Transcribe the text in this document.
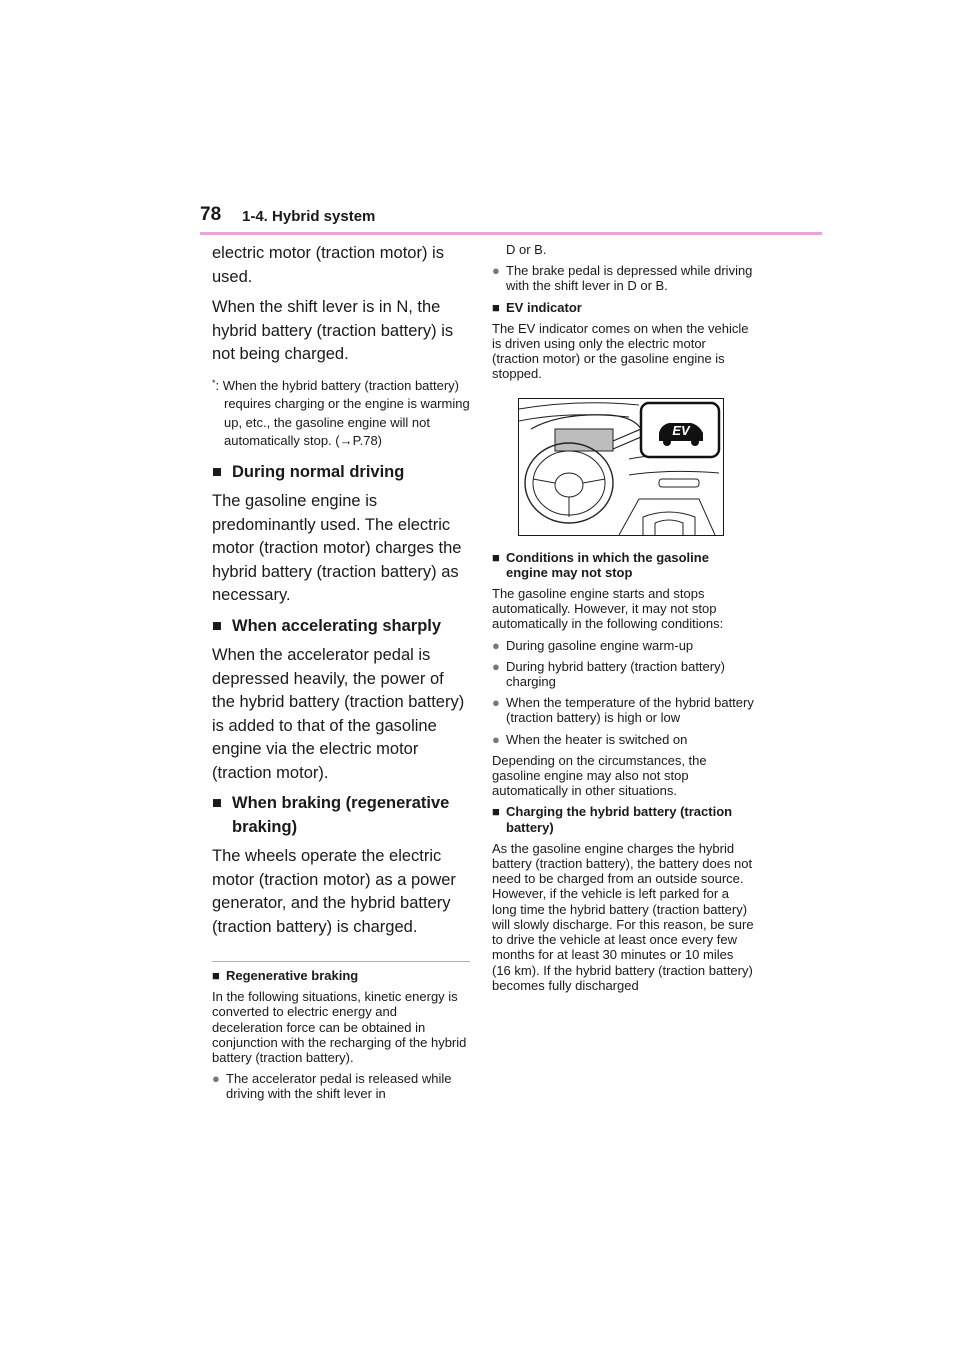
78 1-4. Hybrid system

electric motor (traction motor) is used.

When the shift lever is in N, the hybrid battery (traction battery) is not being charged.

*: When the hybrid battery (traction battery) requires charging or the engine is warming up, etc., the gasoline engine will not automatically stop. (→P.78)

■ During normal driving

The gasoline engine is predominantly used. The electric motor (traction motor) charges the hybrid battery (traction battery) as necessary.

■ When accelerating sharply

When the accelerator pedal is depressed heavily, the power of the hybrid battery (traction battery) is added to that of the gasoline engine via the electric motor (traction motor).

■ When braking (regenerative braking)

The wheels operate the electric motor (traction motor) as a power generator, and the hybrid battery (traction battery) is charged.

■ Regenerative braking

In the following situations, kinetic energy is converted to electric energy and deceleration force can be obtained in conjunction with the recharging of the hybrid battery (traction battery).

● The accelerator pedal is released while driving with the shift lever in

D or B.

● The brake pedal is depressed while driving with the shift lever in D or B.

■ EV indicator

The EV indicator comes on when the vehicle is driven using only the electric motor (traction motor) or the gasoline engine is stopped.

EV

■ Conditions in which the gasoline engine may not stop

The gasoline engine starts and stops automatically. However, it may not stop automatically in the following conditions:

● During gasoline engine warm-up

● During hybrid battery (traction battery) charging

● When the temperature of the hybrid battery (traction battery) is high or low

● When the heater is switched on

Depending on the circumstances, the gasoline engine may also not stop automatically in other situations.

■ Charging the hybrid battery (traction battery)

As the gasoline engine charges the hybrid battery (traction battery), the battery does not need to be charged from an outside source. However, if the vehicle is left parked for a long time the hybrid battery (traction battery) will slowly discharge. For this reason, be sure to drive the vehicle at least once every few months for at least 30 minutes or 10 miles (16 km). If the hybrid battery (traction battery) becomes fully discharged
